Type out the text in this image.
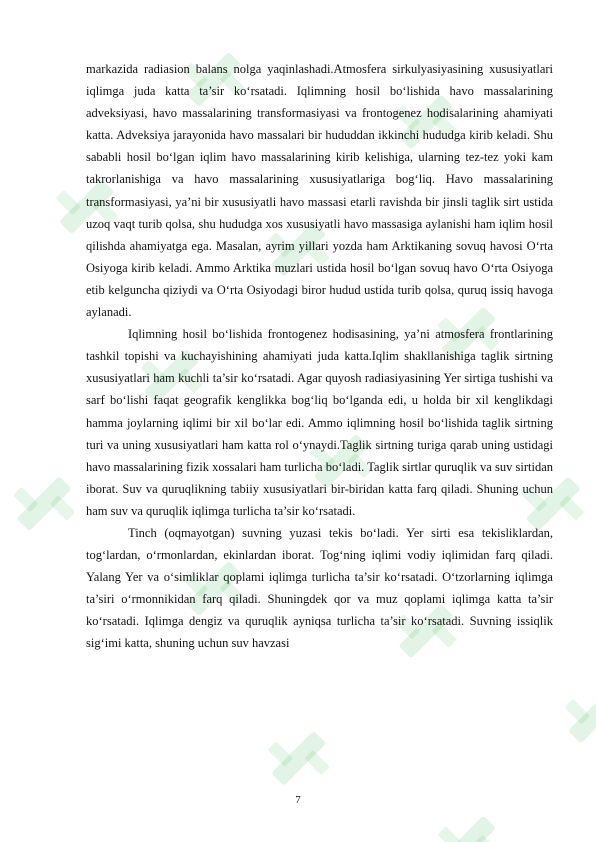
markazida radiasion balans nolga yaqinlashadi.Atmosfera sirkulyasiyasining xususiyatlari iqlimga juda katta ta’sir ko‘rsatadi. Iqlimning hosil bo‘lishida havo massalarining adveksiyasi, havo massalarining transformasiyasi va frontogenez hodisalarining ahamiyati katta. Adveksiya jarayonida havo massalari bir hududdan ikkinchi hududga kirib keladi. Shu sababli hosil bo‘lgan iqlim havo massalarining kirib kelishiga, ularning tez-tez yoki kam takrorlanishiga va havo massalarining xususiyatlariga bog‘liq. Havo massalarining transformasiyasi, ya’ni bir xususiyatli havo massasi etarli ravishda bir jinsli taglik sirt ustida uzoq vaqt turib qolsa, shu hududga xos xususiyatli havo massasiga aylanishi ham iqlim hosil qilishda ahamiyatga ega. Masalan, ayrim yillari yozda ham Arktikaning sovuq havosi O‘rta Osiyoga kirib keladi. Ammo Arktika muzlari ustida hosil bo‘lgan sovuq havo O‘rta Osiyoga etib kelguncha qiziydi va O‘rta Osiyodagi biror hudud ustida turib qolsa, quruq issiq havoga aylanadi.

Iqlimning hosil bo‘lishida frontogenez hodisasining, ya’ni atmosfera frontlarining tashkil topishi va kuchayishining ahamiyati juda katta.Iqlim shakllanishiga taglik sirtning xususiyatlari ham kuchli ta’sir ko‘rsatadi. Agar quyosh radiasiyasining Yer sirtiga tushishi va sarf bo‘lishi faqat geografik kenglikka bog‘liq bo‘lganda edi, u holda bir xil kenglikdagi hamma joylarning iqlimi bir xil bo‘lar edi. Ammo iqlimning hosil bo‘lishida taglik sirtning turi va uning xususiyatlari ham katta rol o‘ynaydi.Taglik sirtning turiga qarab uning ustidagi havo massalarining fizik xossalari ham turlicha bo‘ladi. Taglik sirtlar quruqlik va suv sirtidan iborat. Suv va quruqlikning tabiiy xususiyatlari bir-biridan katta farq qiladi. Shuning uchun ham suv va quruqlik iqlimga turlicha ta’sir ko‘rsatadi.

Tinch (oqmayotgan) suvning yuzasi tekis bo‘ladi. Yer sirti esa tekisliklardan, tog‘lardan, o‘rmonlardan, ekinlardan iborat. Tog‘ning iqlimi vodiy iqlimidan farq qiladi. Yalang Yer va o‘simliklar qoplami iqlimga turlicha ta’sir ko‘rsatadi. O‘tzorlarning iqlimga ta’siri o‘rmonnikidan farq qiladi. Shuningdek qor va muz qoplami iqlimga katta ta’sir ko‘rsatadi. Iqlimga dengiz va quruqlik ayniqsa turlicha ta’sir ko‘rsatadi. Suvning issiqlik sig‘imi katta, shuning uchun suv havzasi

7
